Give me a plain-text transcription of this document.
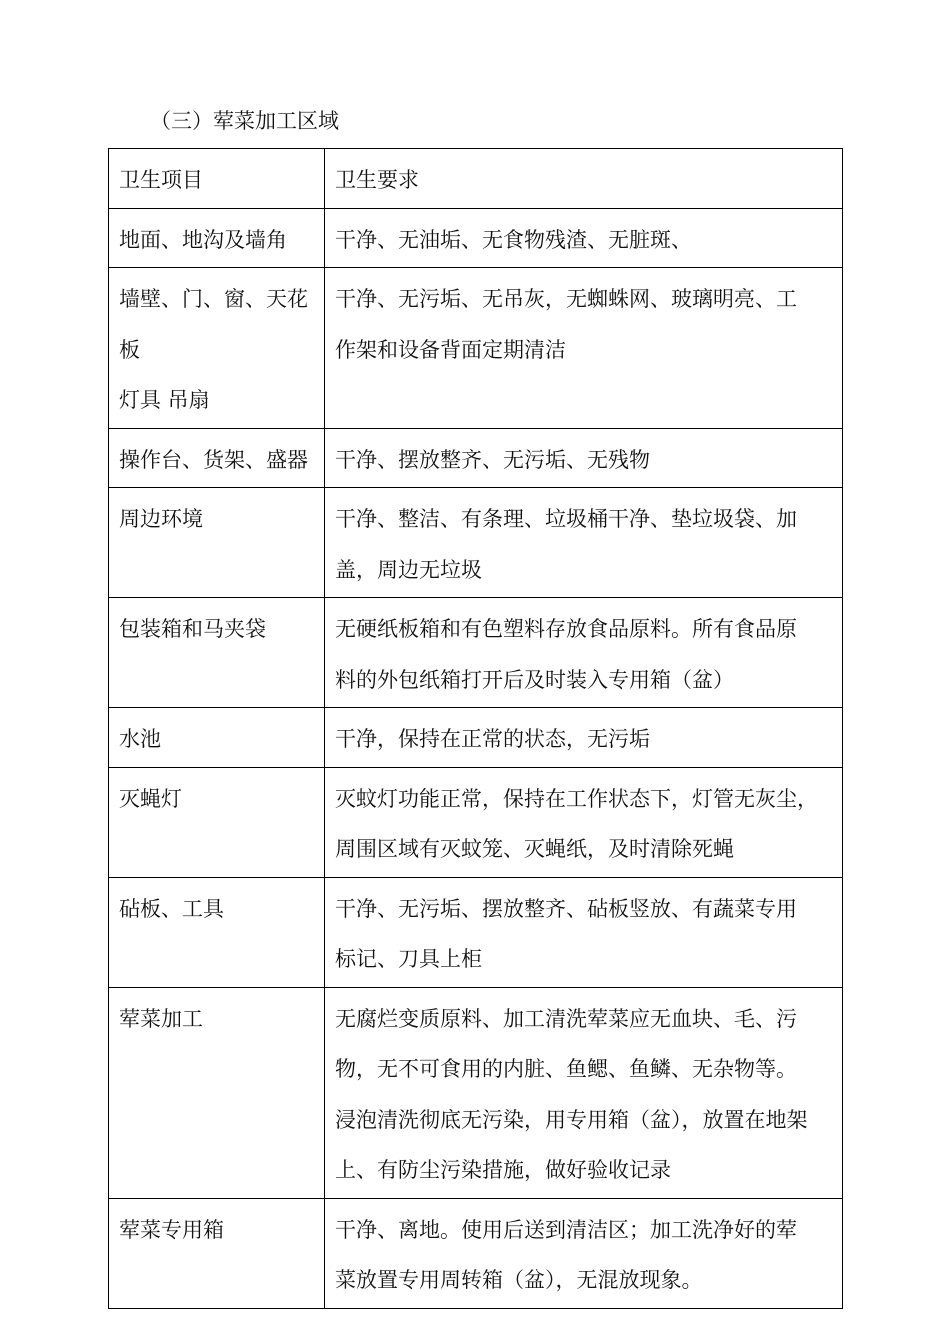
（三）荤菜加工区域
卫生项目	卫生要求

地面、地沟及墙角	干净、无油垢、无食物残渣、无脏斑、

墙壁、门、窗、天花
板
灯具 吊扇	干净、无污垢、无吊灰，无蜘蛛网、玻璃明亮、工
作架和设备背面定期清洁

操作台、货架、盛器	干净、摆放整齐、无污垢、无残物

周边环境	干净、整洁、有条理、垃圾桶干净、垫垃圾袋、加
盖，周边无垃圾

包装箱和马夹袋	无硬纸板箱和有色塑料存放食品原料。所有食品原
料的外包纸箱打开后及时装入专用箱（盆）

水池	干净，保持在正常的状态，无污垢

灭蝇灯	灭蚊灯功能正常，保持在工作状态下，灯管无灰尘，
周围区域有灭蚊笼、灭蝇纸，及时清除死蝇

砧板、工具	干净、无污垢、摆放整齐、砧板竖放、有蔬菜专用
标记、刀具上柜

荤菜加工	无腐烂变质原料、加工清洗荤菜应无血块、毛、污
物，无不可食用的内脏、鱼鳃、鱼鳞、无杂物等。
浸泡清洗彻底无污染，用专用箱（盆），放置在地架
上、有防尘污染措施，做好验收记录

荤菜专用箱	干净、离地。使用后送到清洁区；加工洗净好的荤
菜放置专用周转箱（盆），无混放现象。
